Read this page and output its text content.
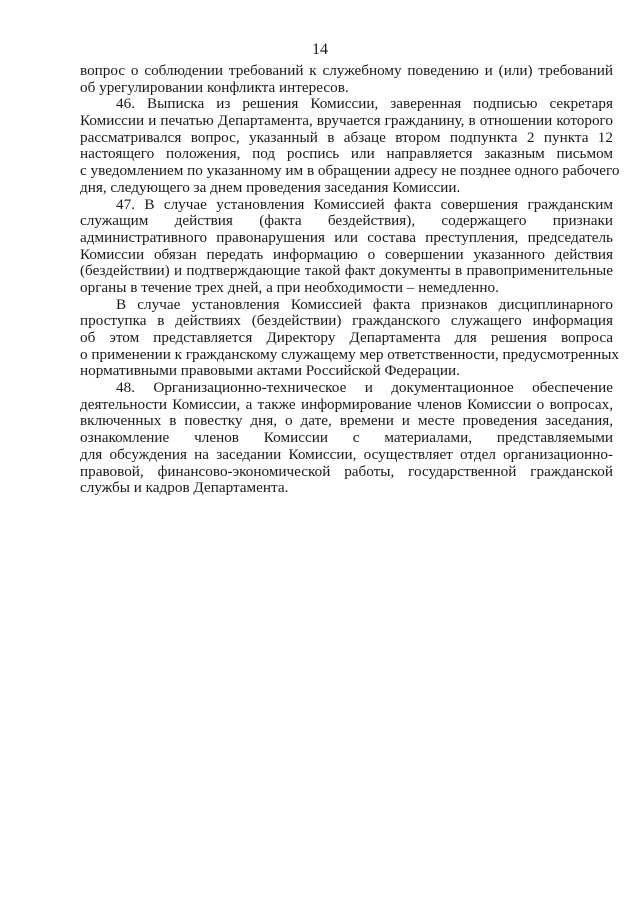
14
вопрос о соблюдении требований к служебному поведению и (или) требований
об урегулировании конфликта интересов.
46. Выписка из решения Комиссии, заверенная подписью секретаря
Комиссии и печатью Департамента, вручается гражданину, в отношении которого
рассматривался вопрос, указанный в абзаце втором подпункта 2 пункта 12
настоящего положения, под роспись или направляется заказным письмом
с уведомлением по указанному им в обращении адресу не позднее одного рабочего
дня, следующего за днем проведения заседания Комиссии.
47. В случае установления Комиссией факта совершения гражданским
служащим действия (факта бездействия), содержащего признаки
административного правонарушения или состава преступления, председатель
Комиссии обязан передать информацию о совершении указанного действия
(бездействии) и подтверждающие такой факт документы в правоприменительные
органы в течение трех дней, а при необходимости – немедленно.
В случае установления Комиссией факта признаков дисциплинарного
проступка в действиях (бездействии) гражданского служащего информация
об этом представляется Директору Департамента для решения вопроса
о применении к гражданскому служащему мер ответственности, предусмотренных
нормативными правовыми актами Российской Федерации.
48. Организационно-техническое и документационное обеспечение
деятельности Комиссии, а также информирование членов Комиссии о вопросах,
включенных в повестку дня, о дате, времени и месте проведения заседания,
ознакомление членов Комиссии с материалами, представляемыми
для обсуждения на заседании Комиссии, осуществляет отдел организационно-
правовой, финансово-экономической работы, государственной гражданской
службы и кадров Департамента.
